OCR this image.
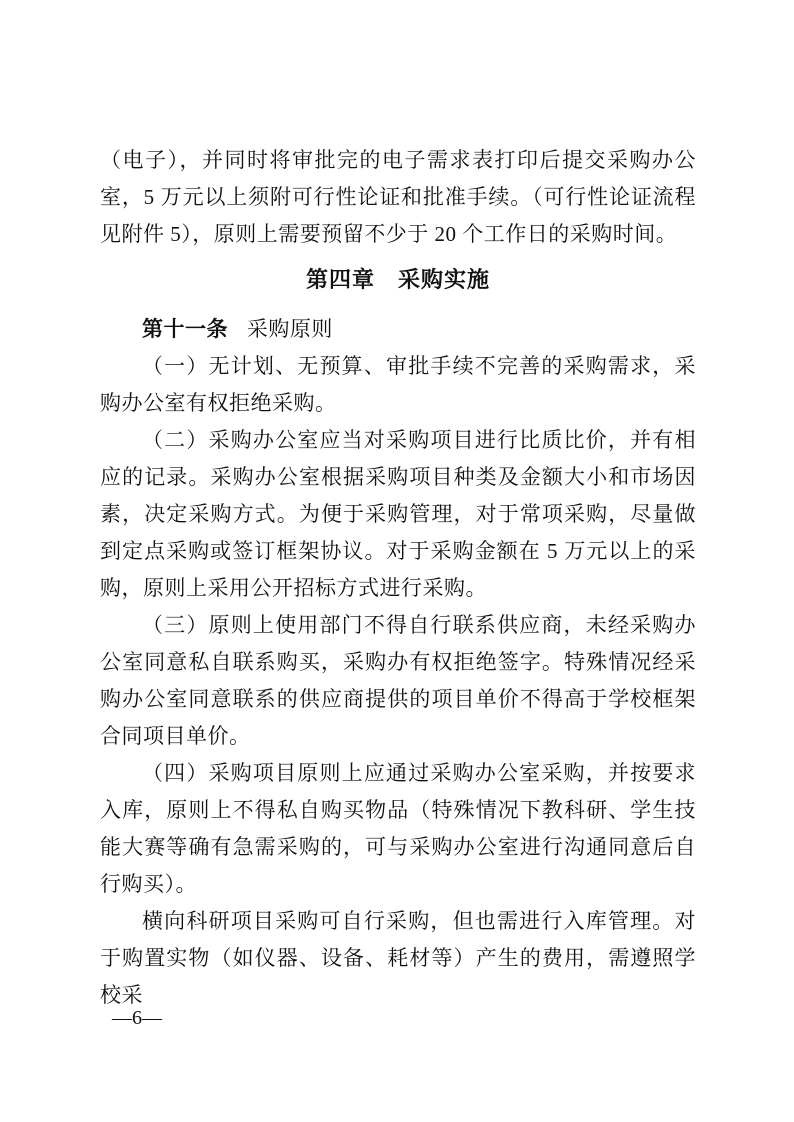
（电子），并同时将审批完的电子需求表打印后提交采购办公室，5 万元以上须附可行性论证和批准手续。（可行性论证流程见附件 5），原则上需要预留不少于 20 个工作日的采购时间。

第四章　采购实施

第十一条 采购原则

（一）无计划、无预算、审批手续不完善的采购需求，采购办公室有权拒绝采购。

（二）采购办公室应当对采购项目进行比质比价，并有相应的记录。采购办公室根据采购项目种类及金额大小和市场因素，决定采购方式。为便于采购管理，对于常项采购，尽量做到定点采购或签订框架协议。对于采购金额在 5 万元以上的采购，原则上采用公开招标方式进行采购。

（三）原则上使用部门不得自行联系供应商，未经采购办公室同意私自联系购买，采购办有权拒绝签字。特殊情况经采购办公室同意联系的供应商提供的项目单价不得高于学校框架合同项目单价。

（四）采购项目原则上应通过采购办公室采购，并按要求入库，原则上不得私自购买物品（特殊情况下教科研、学生技能大赛等确有急需采购的，可与采购办公室进行沟通同意后自行购买）。

横向科研项目采购可自行采购，但也需进行入库管理。对于购置实物（如仪器、设备、耗材等）产生的费用，需遵照学校采

—6—
